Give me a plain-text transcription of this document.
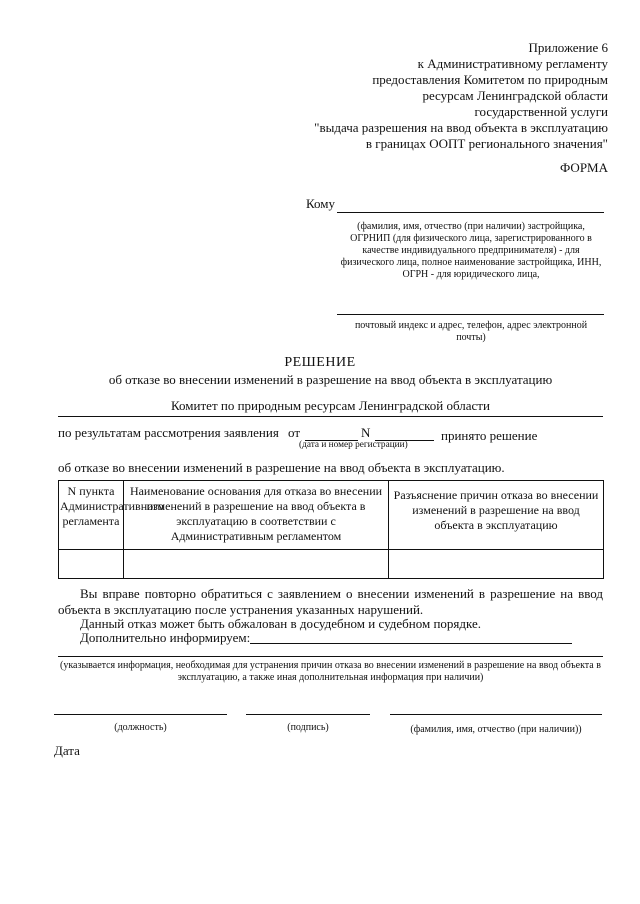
Приложение 6
к Административному регламенту
предоставления Комитетом по природным
ресурсам Ленинградской области
государственной услуги
"выдача разрешения на ввод объекта в эксплуатацию
в границах ООПТ регионального значения"
ФОРМА
Кому
(фамилия, имя, отчество (при наличии) застройщика, ОГРНИП (для физического лица, зарегистрированного в качестве индивидуального предпринимателя) - для физического лица, полное наименование застройщика, ИНН, ОГРН - для юридического лица,
почтовый индекс и адрес, телефон, адрес электронной почты)
РЕШЕНИЕ
об отказе во внесении изменений в разрешение на ввод объекта в эксплуатацию
Комитет по природным ресурсам Ленинградской области
по результатам рассмотрения заявления от	N	принято решение
(дата и номер регистрации)
об отказе во внесении изменений в разрешение на ввод объекта в эксплуатацию.
N пункта Административного регламента	Наименование основания для отказа во внесении изменений в разрешение на ввод объекта в эксплуатацию в соответствии с Административным регламентом	Разъяснение причин отказа во внесении изменений в разрешение на ввод объекта в эксплуатацию

Вы вправе повторно обратиться с заявлением о внесении изменений в разрешение на ввод объекта в эксплуатацию после устранения указанных нарушений.
Данный отказ может быть обжалован в досудебном и судебном порядке.
Дополнительно информируем:
(указывается информация, необходимая для устранения причин отказа во внесении изменений в разрешение на ввод объекта в эксплуатацию, а также иная дополнительная информация при наличии)
(должность)	(подпись)	(фамилия, имя, отчество (при наличии))
Дата
